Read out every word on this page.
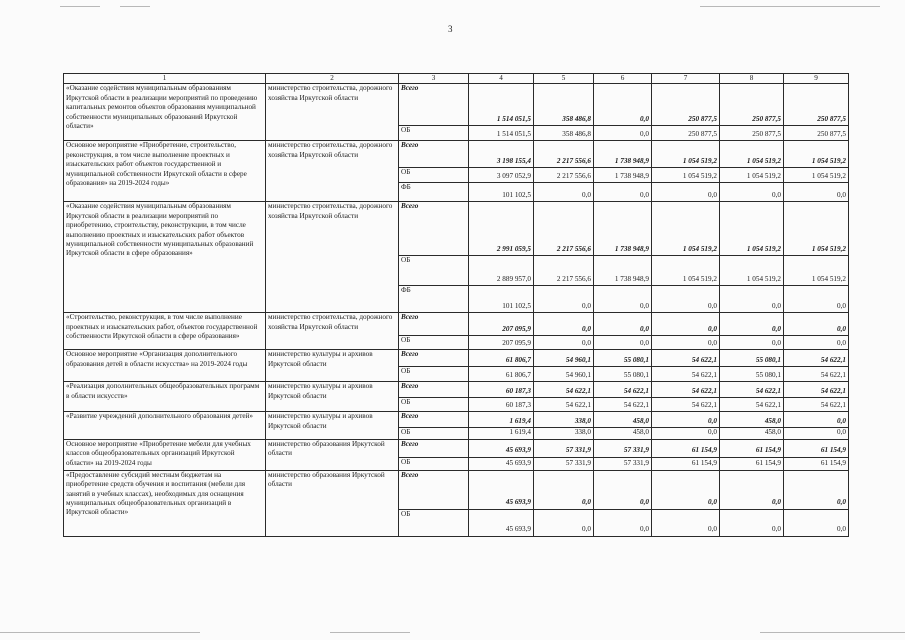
3
1	2	3	4	5	6	7	8	9
«Оказание содействия муниципальным образованиям Иркутской области в реализации мероприятий по проведению капитальных ремонтов объектов образования муниципальной собственности муниципальных образований Иркутской области»	министерство строительства, дорожного хозяйства Иркутской области	Всего	1 514 051,5	358 486,8	0,0	250 877,5	250 877,5	250 877,5
		ОБ	1 514 051,5	358 486,8	0,0	250 877,5	250 877,5	250 877,5
Основное мероприятие «Приобретение, строительство, реконструкция, в том числе выполнение проектных и изыскательских работ объектов государственной и муниципальной собственности Иркутской области в сфере образования» на 2019-2024 годы»	министерство строительства, дорожного хозяйства Иркутской области	Всего	3 198 155,4	2 217 556,6	1 738 948,9	1 054 519,2	1 054 519,2	1 054 519,2
		ОБ	3 097 052,9	2 217 556,6	1 738 948,9	1 054 519,2	1 054 519,2	1 054 519,2
		ФБ	101 102,5	0,0	0,0	0,0	0,0	0,0
«Оказание содействия муниципальным образованиям Иркутской области в реализации мероприятий по приобретению, строительству, реконструкции, в том числе выполнению проектных и изыскательских работ объектов муниципальной собственности муниципальных образований Иркутской области в сфере образования»	министерство строительства, дорожного хозяйства Иркутской области	Всего	2 991 059,5	2 217 556,6	1 738 948,9	1 054 519,2	1 054 519,2	1 054 519,2
		ОБ	2 889 957,0	2 217 556,6	1 738 948,9	1 054 519,2	1 054 519,2	1 054 519,2
		ФБ	101 102,5	0,0	0,0	0,0	0,0	0,0
«Строительство, реконструкция, в том числе выполнение проектных и изыскательских работ, объектов государственной собственности Иркутской области в сфере образования»	министерство строительства, дорожного хозяйства Иркутской области	Всего	207 095,9	0,0	0,0	0,0	0,0	0,0
		ОБ	207 095,9	0,0	0,0	0,0	0,0	0,0
Основное мероприятие «Организация дополнительного образования детей в области искусства» на 2019-2024 годы	министерство культуры и архивов Иркутской области	Всего	61 806,7	54 960,1	55 080,1	54 622,1	55 080,1	54 622,1
		ОБ	61 806,7	54 960,1	55 080,1	54 622,1	55 080,1	54 622,1
«Реализация дополнительных общеобразовательных программ в области искусств»	министерство культуры и архивов Иркутской области	Всего	60 187,3	54 622,1	54 622,1	54 622,1	54 622,1	54 622,1
		ОБ	60 187,3	54 622,1	54 622,1	54 622,1	54 622,1	54 622,1
«Развитие учреждений дополнительного образования детей»	министерство культуры и архивов Иркутской области	Всего	1 619,4	338,0	458,0	0,0	458,0	0,0
		ОБ	1 619,4	338,0	458,0	0,0	458,0	0,0
Основное мероприятие «Приобретение мебели для учебных классов общеобразовательных организаций Иркутской области» на 2019-2024 годы	министерство образования Иркутской области	Всего	45 693,9	57 331,9	57 331,9	61 154,9	61 154,9	61 154,9
		ОБ	45 693,9	57 331,9	57 331,9	61 154,9	61 154,9	61 154,9
«Предоставление субсидий местным бюджетам на приобретение средств обучения и воспитания (мебели для занятий в учебных классах), необходимых для оснащения муниципальных общеобразовательных организаций в Иркутской области»	министерство образования Иркутской области	Всего	45 693,9	0,0	0,0	0,0	0,0	0,0
		ОБ	45 693,9	0,0	0,0	0,0	0,0	0,0
